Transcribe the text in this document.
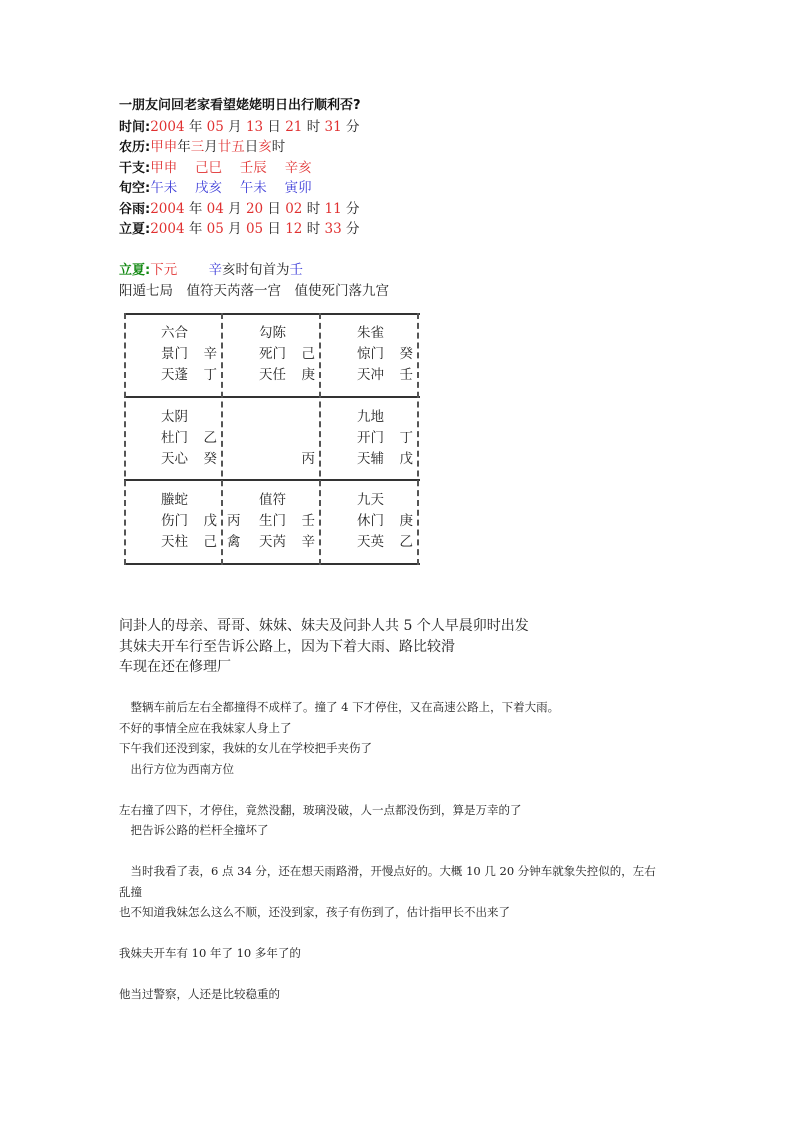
一朋友问回老家看望姥姥明日出行顺利否?
时间:2004 年 05 月 13 日 21 时 31 分
农历:甲申年三月廿五日亥时
干支:甲申　 己巳　 壬辰　 辛亥
旬空:午未　 戌亥　 午未　 寅卯
谷雨:2004 年 04 月 20 日 02 时 11 分
立夏:2004 年 05 月 05 日 12 时 33 分
立夏:下元　　 辛亥时旬首为壬
阳遁七局　值符天芮落一宫　值使死门落九宫
六合
景门 辛
天蓬 丁
勾陈
死门 己
天任 庚
朱雀
惊门 癸
天冲 壬
太阴
杜门 乙
天心 癸	丙
九地
开门 丁
天辅 戊
螣蛇
伤门 戊
天柱 己
值符
丙 生门 壬
禽 天芮 辛
九天
休门 庚
天英 乙
问卦人的母亲、哥哥、妹妹、妹夫及问卦人共 5 个人早晨卯时出发
其妹夫开车行至告诉公路上，因为下着大雨、路比较滑
车现在还在修理厂
　整辆车前后左右全都撞得不成样了。撞了 4 下才停住，又在高速公路上，下着大雨。
不好的事情全应在我妹家人身上了
下午我们还没到家，我妹的女儿在学校把手夹伤了
　出行方位为西南方位
左右撞了四下，才停住，竟然没翻，玻璃没破，人一点都没伤到，算是万幸的了
　把告诉公路的栏杆全撞坏了
　当时我看了表，6 点 34 分，还在想天雨路滑，开慢点好的。大概 10 几 20 分钟车就象失控似的，左右
乱撞
也不知道我妹怎么这么不顺，还没到家，孩子有伤到了，估计指甲长不出来了
我妹夫开车有 10 年了 10 多年了的
他当过警察，人还是比较稳重的
